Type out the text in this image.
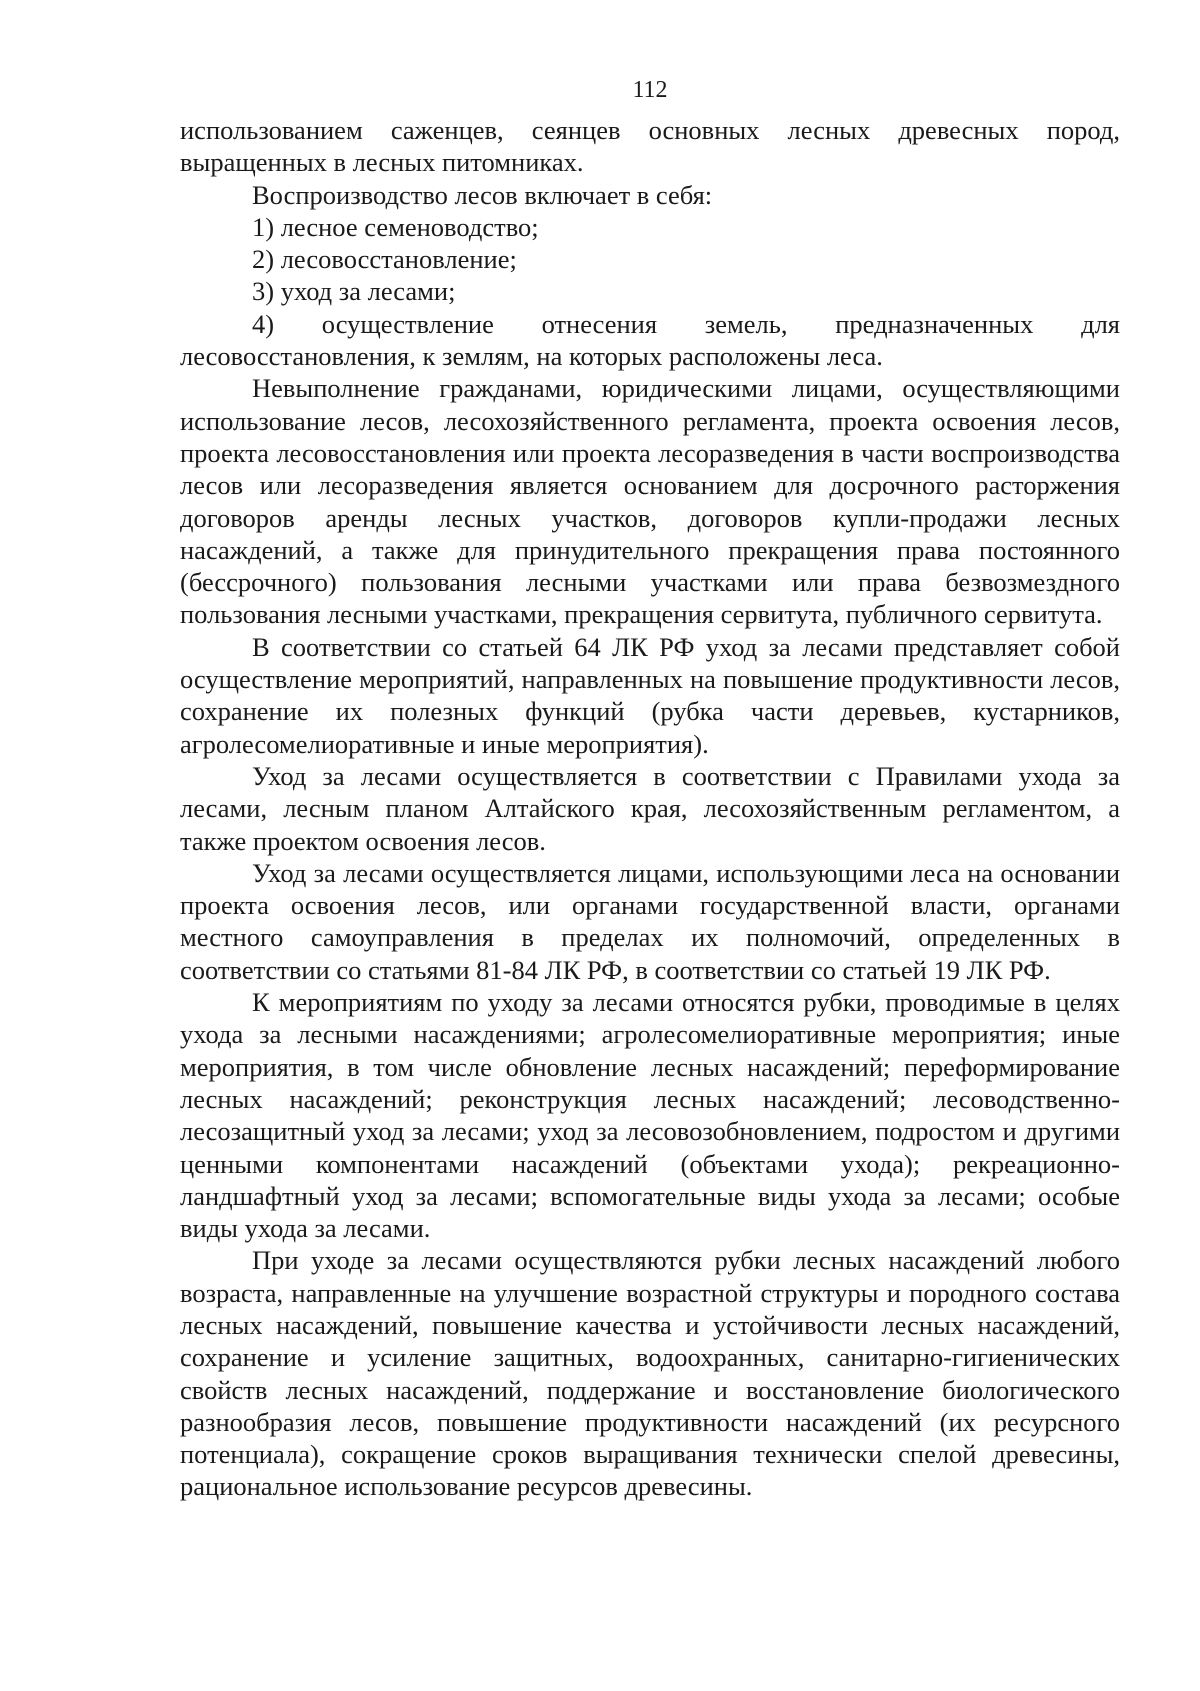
112

использованием саженцев, сеянцев основных лесных древесных пород, выращенных в лесных питомниках.

Воспроизводство лесов включает в себя:

1) лесное семеноводство;

2) лесовосстановление;

3) уход за лесами;

4) осуществление отнесения земель, предназначенных для лесовосстановления, к землям, на которых расположены леса.

Невыполнение гражданами, юридическими лицами, осуществляющими использование лесов, лесохозяйственного регламента, проекта освоения лесов, проекта лесовосстановления или проекта лесоразведения в части воспроизводства лесов или лесоразведения является основанием для досрочного расторжения договоров аренды лесных участков, договоров купли-продажи лесных насаждений, а также для принудительного прекращения права постоянного (бессрочного) пользования лесными участками или права безвозмездного пользования лесными участками, прекращения сервитута, публичного сервитута.

В соответствии со статьей 64 ЛК РФ уход за лесами представляет собой осуществление мероприятий, направленных на повышение продуктивности лесов, сохранение их полезных функций (рубка части деревьев, кустарников, агролесомелиоративные и иные мероприятия).

Уход за лесами осуществляется в соответствии с Правилами ухода за лесами, лесным планом Алтайского края, лесохозяйственным регламентом, а также проектом освоения лесов.

Уход за лесами осуществляется лицами, использующими леса на основании проекта освоения лесов, или органами государственной власти, органами местного самоуправления в пределах их полномочий, определенных в соответствии со статьями 81-84 ЛК РФ, в соответствии со статьей 19 ЛК РФ.

К мероприятиям по уходу за лесами относятся рубки, проводимые в целях ухода за лесными насаждениями; агролесомелиоративные мероприятия; иные мероприятия, в том числе обновление лесных насаждений; переформирование лесных насаждений; реконструкция лесных насаждений; лесоводственно-лесозащитный уход за лесами; уход за лесовозобновлением, подростом и другими ценными компонентами насаждений (объектами ухода); рекреационно-ландшафтный уход за лесами; вспомогательные виды ухода за лесами; особые виды ухода за лесами.

При уходе за лесами осуществляются рубки лесных насаждений любого возраста, направленные на улучшение возрастной структуры и породного состава лесных насаждений, повышение качества и устойчивости лесных насаждений, сохранение и усиление защитных, водоохранных, санитарно-гигиенических свойств лесных насаждений, поддержание и восстановление биологического разнообразия лесов, повышение продуктивности насаждений (их ресурсного потенциала), сокращение сроков выращивания технически спелой древесины, рациональное использование ресурсов древесины.
